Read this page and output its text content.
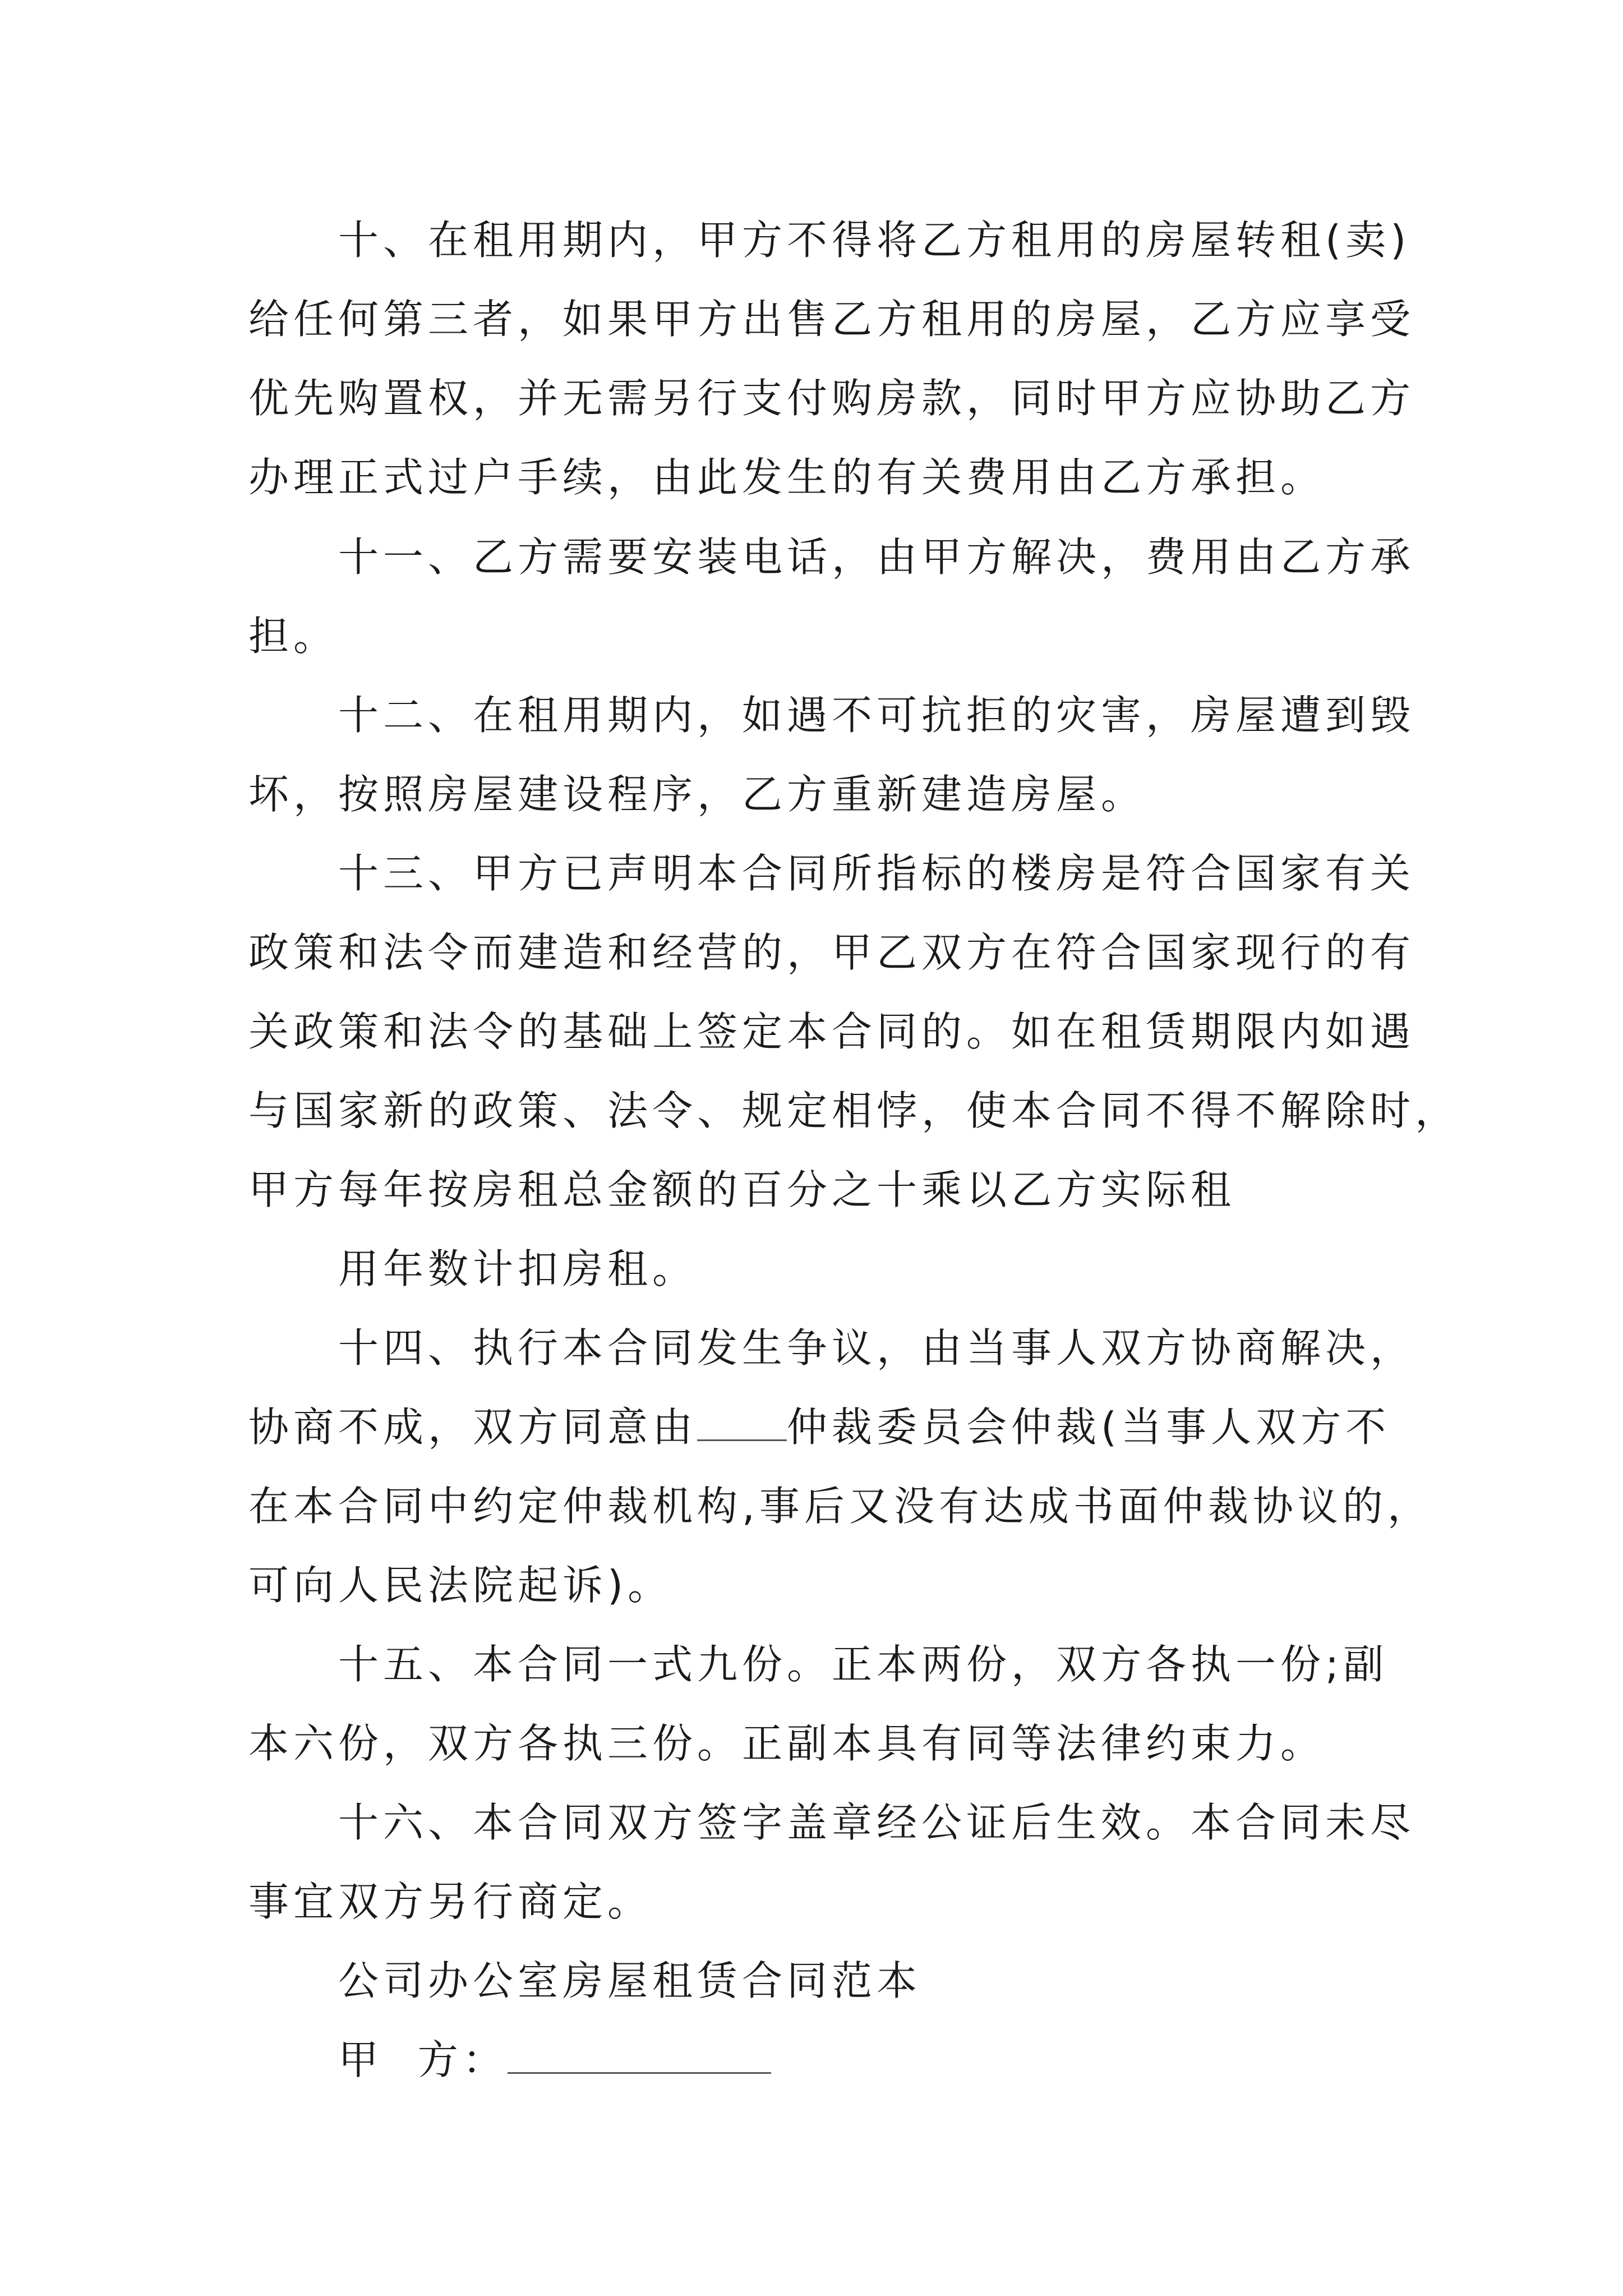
十、在租用期内，甲方不得将乙方租用的房屋转租(卖)
给任何第三者，如果甲方出售乙方租用的房屋，乙方应享受
优先购置权，并无需另行支付购房款，同时甲方应协助乙方
办理正式过户手续，由此发生的有关费用由乙方承担。
十一、乙方需要安装电话，由甲方解决，费用由乙方承
担。
十二、在租用期内，如遇不可抗拒的灾害，房屋遭到毁
坏，按照房屋建设程序，乙方重新建造房屋。
十三、甲方已声明本合同所指标的楼房是符合国家有关
政策和法令而建造和经营的，甲乙双方在符合国家现行的有
关政策和法令的基础上签定本合同的。如在租赁期限内如遇
与国家新的政策、法令、规定相悖，使本合同不得不解除时，
甲方每年按房租总金额的百分之十乘以乙方实际租
用年数计扣房租。
十四、执行本合同发生争议，由当事人双方协商解决，
协商不成，双方同意由 仲裁委员会仲裁(当事人双方不
在本合同中约定仲裁机构,事后又没有达成书面仲裁协议的，
可向人民法院起诉)。
十五、本合同一式九份。正本两份，双方各执一份;副
本六份，双方各执三份。正副本具有同等法律约束力。
十六、本合同双方签字盖章经公证后生效。本合同未尽
事宜双方另行商定。
公司办公室房屋租赁合同范本
甲  方：
